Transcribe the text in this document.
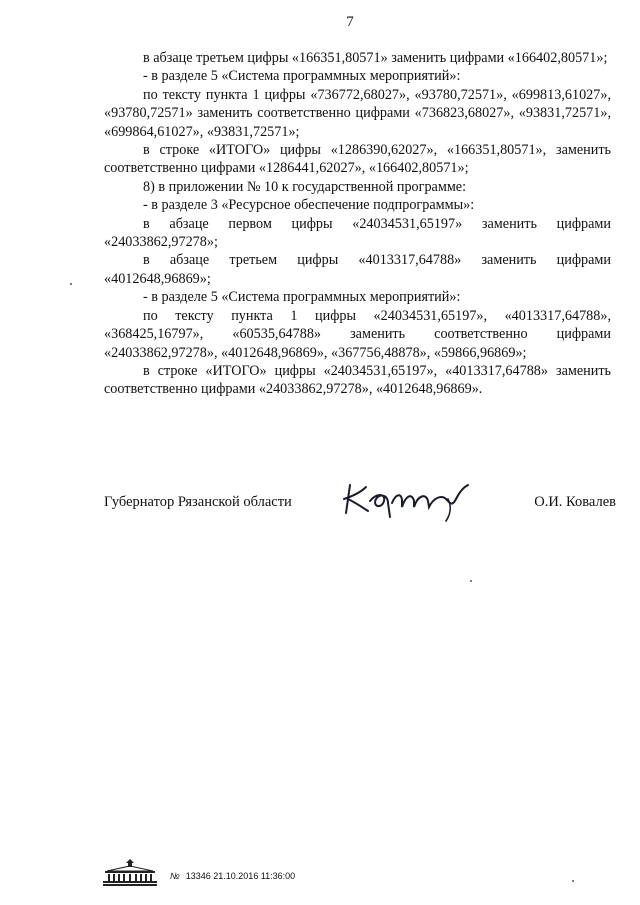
7

в абзаце третьем цифры «166351,80571» заменить цифрами «166402,80571»;

- в разделе 5 «Система программных мероприятий»:

по тексту пункта 1 цифры «736772,68027», «93780,72571», «699813,61027», «93780,72571» заменить соответственно цифрами «736823,68027», «93831,72571», «699864,61027», «93831,72571»;

в строке «ИТОГО» цифры «1286390,62027», «166351,80571», заменить соответственно цифрами «1286441,62027», «166402,80571»;

8) в приложении № 10 к государственной программе:

- в разделе 3 «Ресурсное обеспечение подпрограммы»:

в абзаце первом цифры «24034531,65197» заменить цифрами «24033862,97278»;

в абзаце третьем цифры «4013317,64788» заменить цифрами «4012648,96869»;

- в разделе 5 «Система программных мероприятий»:

по тексту пункта 1 цифры «24034531,65197», «4013317,64788», «368425,16797», «60535,64788» заменить соответственно цифрами «24033862,97278», «4012648,96869», «367756,48878», «59866,96869»;

в строке «ИТОГО» цифры «24034531,65197», «4013317,64788» заменить соответственно цифрами «24033862,97278», «4012648,96869».

Губернатор Рязанской области	О.И. Ковалев
№ 13346 21.10.2016 11:36:00
